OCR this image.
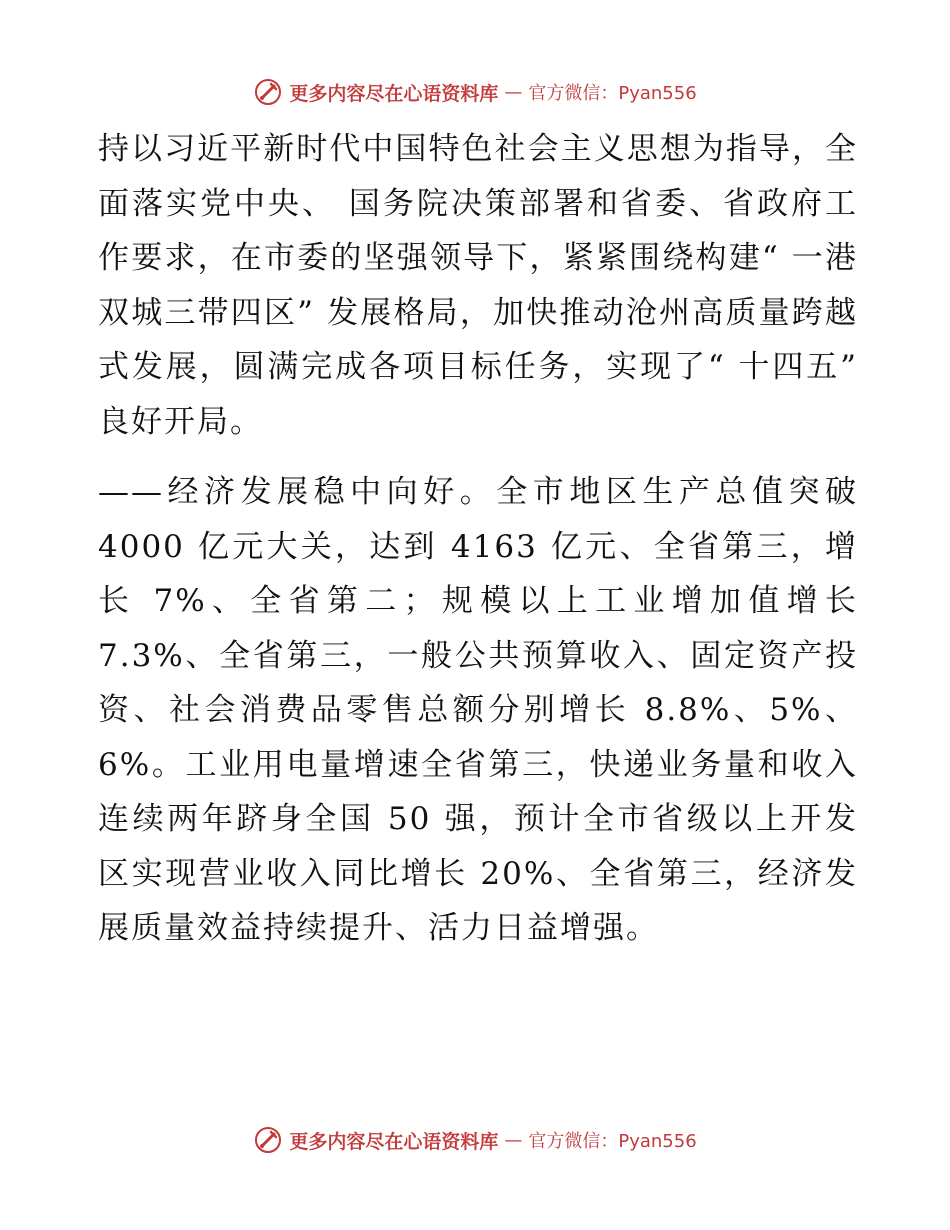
更多内容尽在心语资料库 — 官方微信：Pyan556

持以习近平新时代中国特色社会主义思想为指导，全面落实党中央、 国务院决策部署和省委、省政府工作要求，在市委的坚强领导下，紧紧围绕构建“ 一港双城三带四区” 发展格局，加快推动沧州高质量跨越式发展，圆满完成各项目标任务，实现了“ 十四五” 良好开局。

——经济发展稳中向好。全市地区生产总值突破 4000 亿元大关，达到 4163 亿元、全省第三，增长 7%、全省第二；规模以上工业增加值增长 7.3%、全省第三，一般公共预算收入、固定资产投资、社会消费品零售总额分别增长 8.8%、5%、6%。工业用电量增速全省第三，快递业务量和收入连续两年跻身全国 50 强，预计全市省级以上开发区实现营业收入同比增长 20%、全省第三，经济发展质量效益持续提升、活力日益增强。

更多内容尽在心语资料库 — 官方微信：Pyan556
